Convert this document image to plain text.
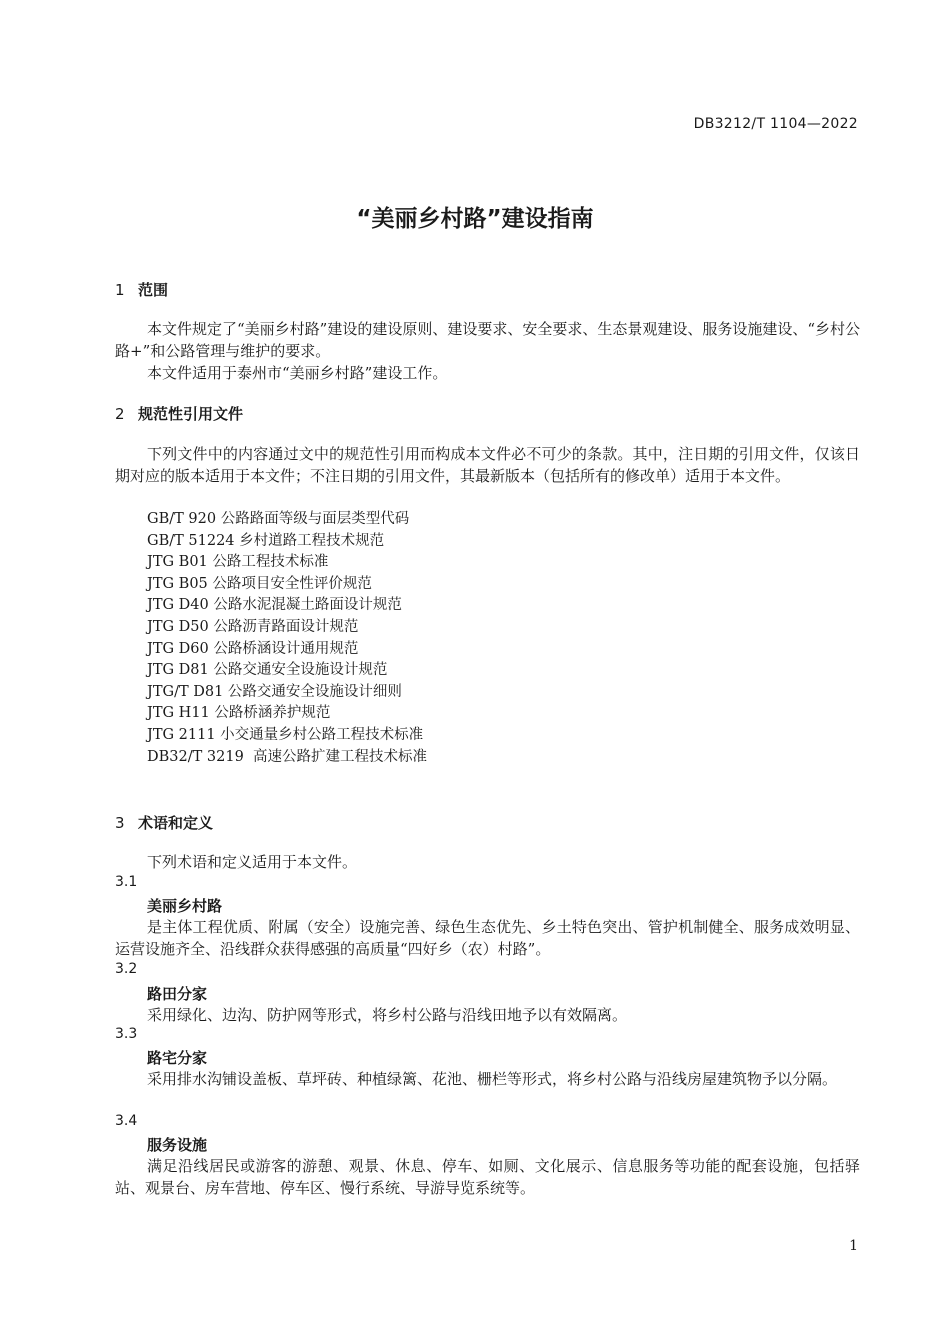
DB3212/T 1104—2022
“美丽乡村路”建设指南
1 范围
本文件规定了“美丽乡村路”建设的建设原则、建设要求、安全要求、生态景观建设、服务设施建设、“乡村公路+”和公路管理与维护的要求。
本文件适用于泰州市“美丽乡村路”建设工作。
2 规范性引用文件
下列文件中的内容通过文中的规范性引用而构成本文件必不可少的条款。其中，注日期的引用文件，仅该日期对应的版本适用于本文件；不注日期的引用文件，其最新版本（包括所有的修改单）适用于本文件。
GB/T 920 公路路面等级与面层类型代码
GB/T 51224 乡村道路工程技术规范
JTG B01 公路工程技术标准
JTG B05 公路项目安全性评价规范
JTG D40 公路水泥混凝土路面设计规范
JTG D50 公路沥青路面设计规范
JTG D60 公路桥涵设计通用规范
JTG D81 公路交通安全设施设计规范
JTG/T D81 公路交通安全设施设计细则
JTG H11 公路桥涵养护规范
JTG 2111 小交通量乡村公路工程技术标准
DB32/T 3219  高速公路扩建工程技术标准
3 术语和定义
下列术语和定义适用于本文件。
3.1
美丽乡村路
是主体工程优质、附属（安全）设施完善、绿色生态优先、乡土特色突出、管护机制健全、服务成效明显、运营设施齐全、沿线群众获得感强的高质量“四好乡（农）村路”。
3.2
路田分家
采用绿化、边沟、防护网等形式，将乡村公路与沿线田地予以有效隔离。
3.3
路宅分家
采用排水沟铺设盖板、草坪砖、种植绿篱、花池、栅栏等形式，将乡村公路与沿线房屋建筑物予以分隔。
3.4
服务设施
满足沿线居民或游客的游憩、观景、休息、停车、如厕、文化展示、信息服务等功能的配套设施，包括驿站、观景台、房车营地、停车区、慢行系统、导游导览系统等。
1
